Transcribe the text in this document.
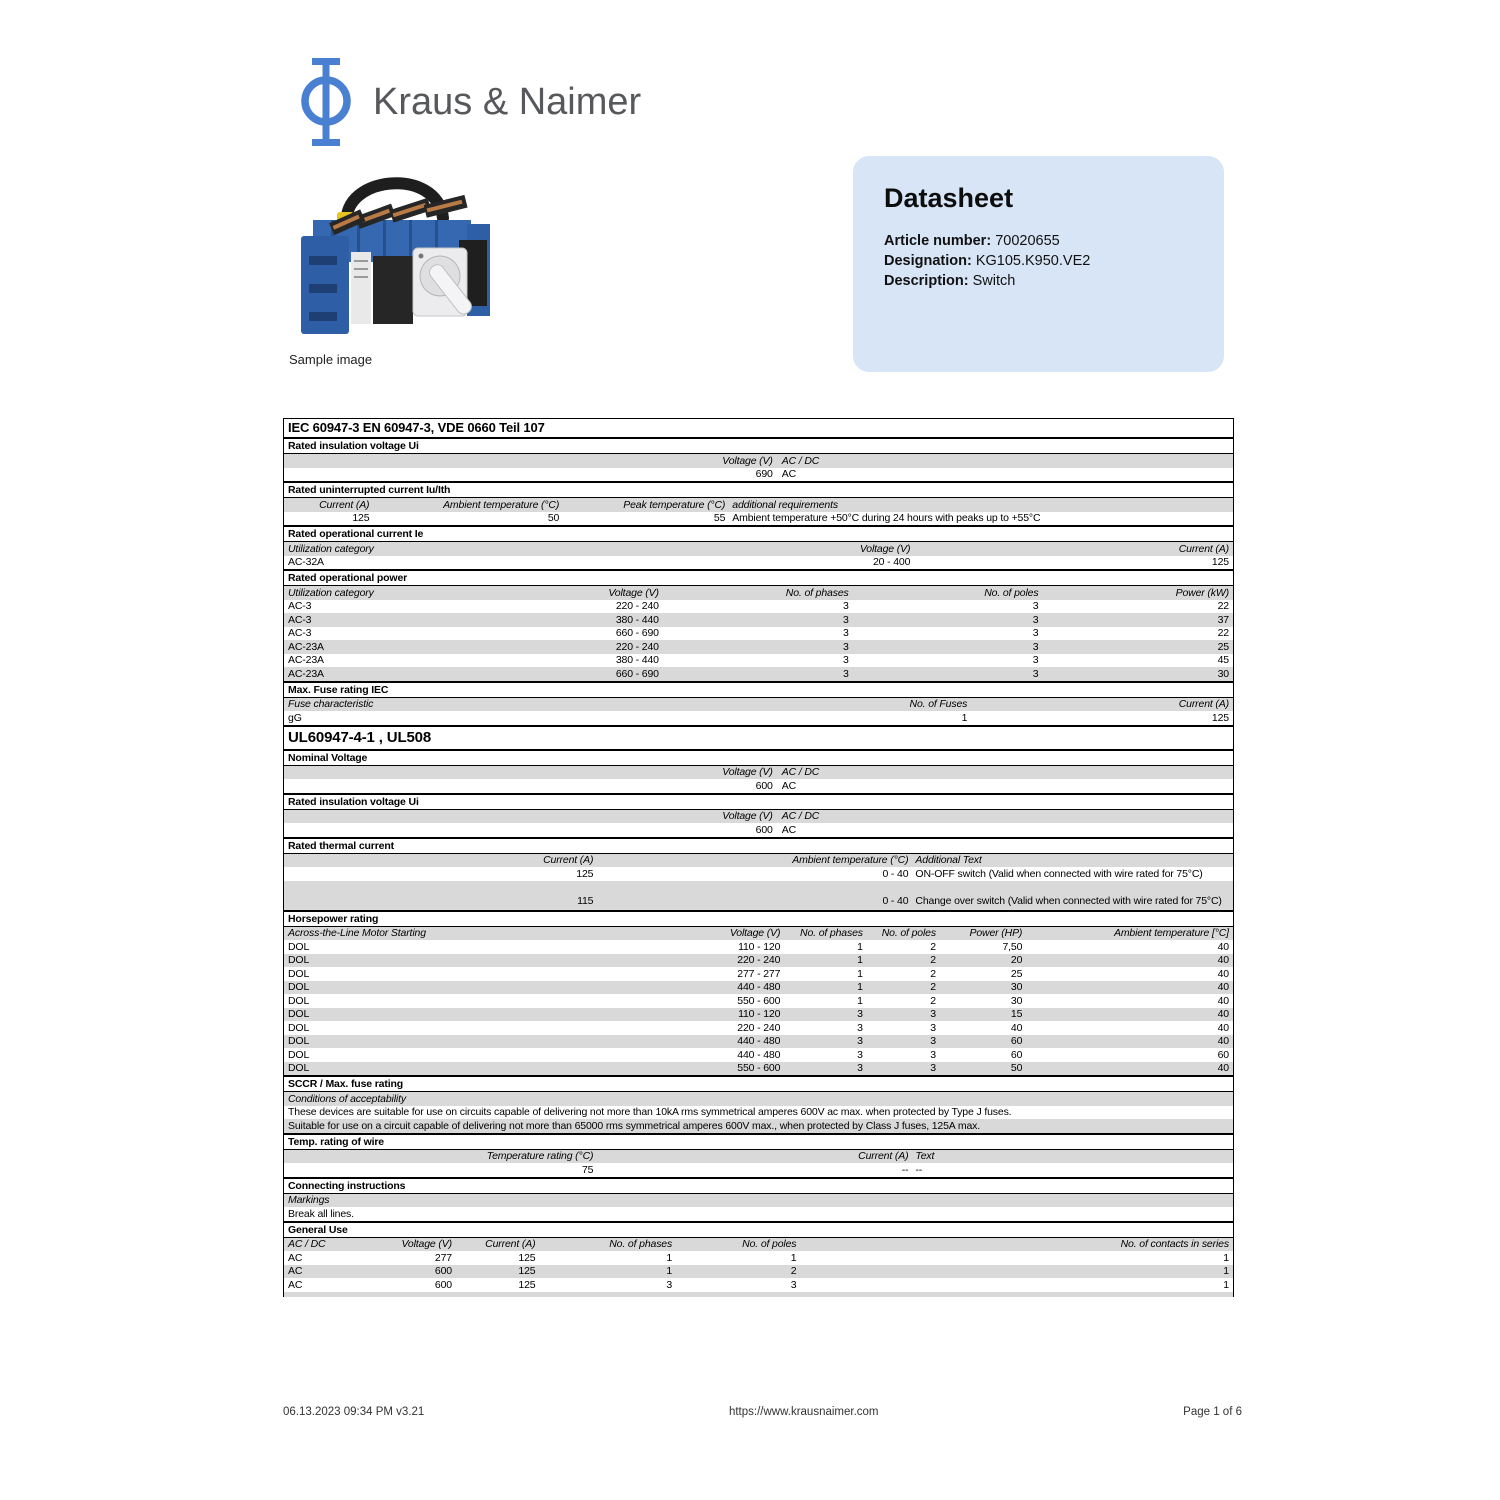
Kraus & Naimer
Sample image
Datasheet
Article number: 70020655
Designation: KG105.K950.VE2
Description: Switch
IEC 60947-3 EN 60947-3, VDE 0660 Teil 107
Rated insulation voltage Ui
Voltage (V) AC / DC
690 AC
Rated uninterrupted current Iu/Ith
Current (A)	Ambient temperature (°C)	Peak temperature (°C) additional requirements
125	50	55 Ambient temperature +50°C during 24 hours with peaks up to +55°C
Rated operational current Ie
Utilization category	Voltage (V)	Current (A)
AC-32A	20 - 400	125
Rated operational power
Utilization category	Voltage (V)	No. of phases	No. of poles	Power (kW)
AC-3	220 - 240	3	3	22
AC-3	380 - 440	3	3	37
AC-3	660 - 690	3	3	22
AC-23A	220 - 240	3	3	25
AC-23A	380 - 440	3	3	45
AC-23A	660 - 690	3	3	30
Max. Fuse rating IEC
Fuse characteristic	No. of Fuses	Current (A)
gG	1	125
UL60947-4-1 , UL508
Nominal Voltage
Voltage (V) AC / DC
600 AC
Rated insulation voltage Ui
Voltage (V) AC / DC
600 AC
Rated thermal current
Current (A)	Ambient temperature (°C) Additional Text
125	0 - 40 ON-OFF switch (Valid when connected with wire rated for 75°C)
115	0 - 40 Change over switch (Valid when connected with wire rated for 75°C)
Horsepower rating
Across-the-Line Motor Starting	Voltage (V)	No. of phases	No. of poles	Power (HP)	Ambient temperature [°C]
DOL	110 - 120	1	2	7,50	40
DOL	220 - 240	1	2	20	40
DOL	277 - 277	1	2	25	40
DOL	440 - 480	1	2	30	40
DOL	550 - 600	1	2	30	40
DOL	110 - 120	3	3	15	40
DOL	220 - 240	3	3	40	40
DOL	440 - 480	3	3	60	40
DOL	440 - 480	3	3	60	60
DOL	550 - 600	3	3	50	40
SCCR / Max. fuse rating
Conditions of acceptability
These devices are suitable for use on circuits capable of delivering not more than 10kA rms symmetrical amperes 600V ac max. when protected by Type J fuses.
Suitable for use on a circuit capable of delivering not more than 65000 rms symmetrical amperes 600V max., when protected by Class J fuses, 125A max.
Temp. rating of wire
Temperature rating (°C)	Current (A) Text
75	-- --
Connecting instructions
Markings
Break all lines.
General Use
AC / DC	Voltage (V)	Current (A)	No. of phases	No. of poles	No. of contacts in series
AC	277	125	1	1	1
AC	600	125	1	2	1
AC	600	125	3	3	1
06.13.2023 09:34 PM v3.21	https://www.krausnaimer.com	Page 1 of 6
